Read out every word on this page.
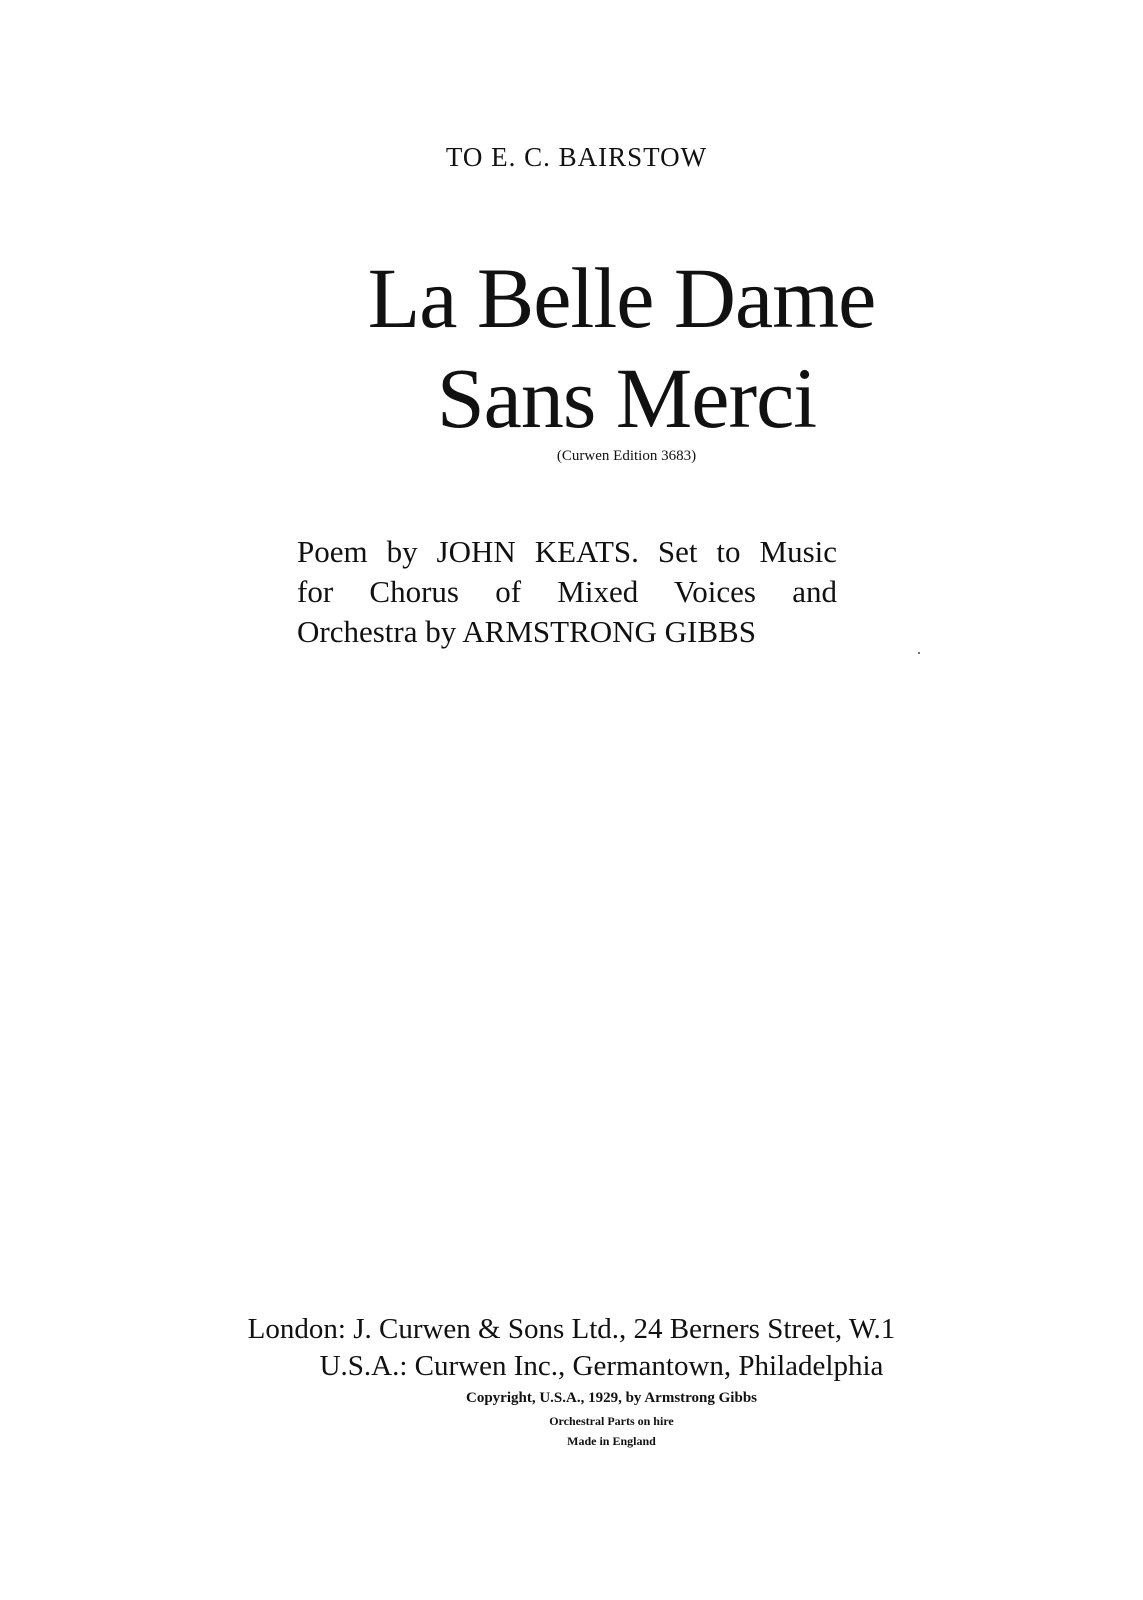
TO E. C. BAIRSTOW
La Belle Dame
Sans Merci
(Curwen Edition 3683)
Poem by JOHN KEATS. Set to Music
for Chorus of Mixed Voices and
Orchestra by ARMSTRONG GIBBS
London: J. Curwen & Sons Ltd., 24 Berners Street, W.1
U.S.A.: Curwen Inc., Germantown, Philadelphia
Copyright, U.S.A., 1929, by Armstrong Gibbs
Orchestral Parts on hire
Made in England
